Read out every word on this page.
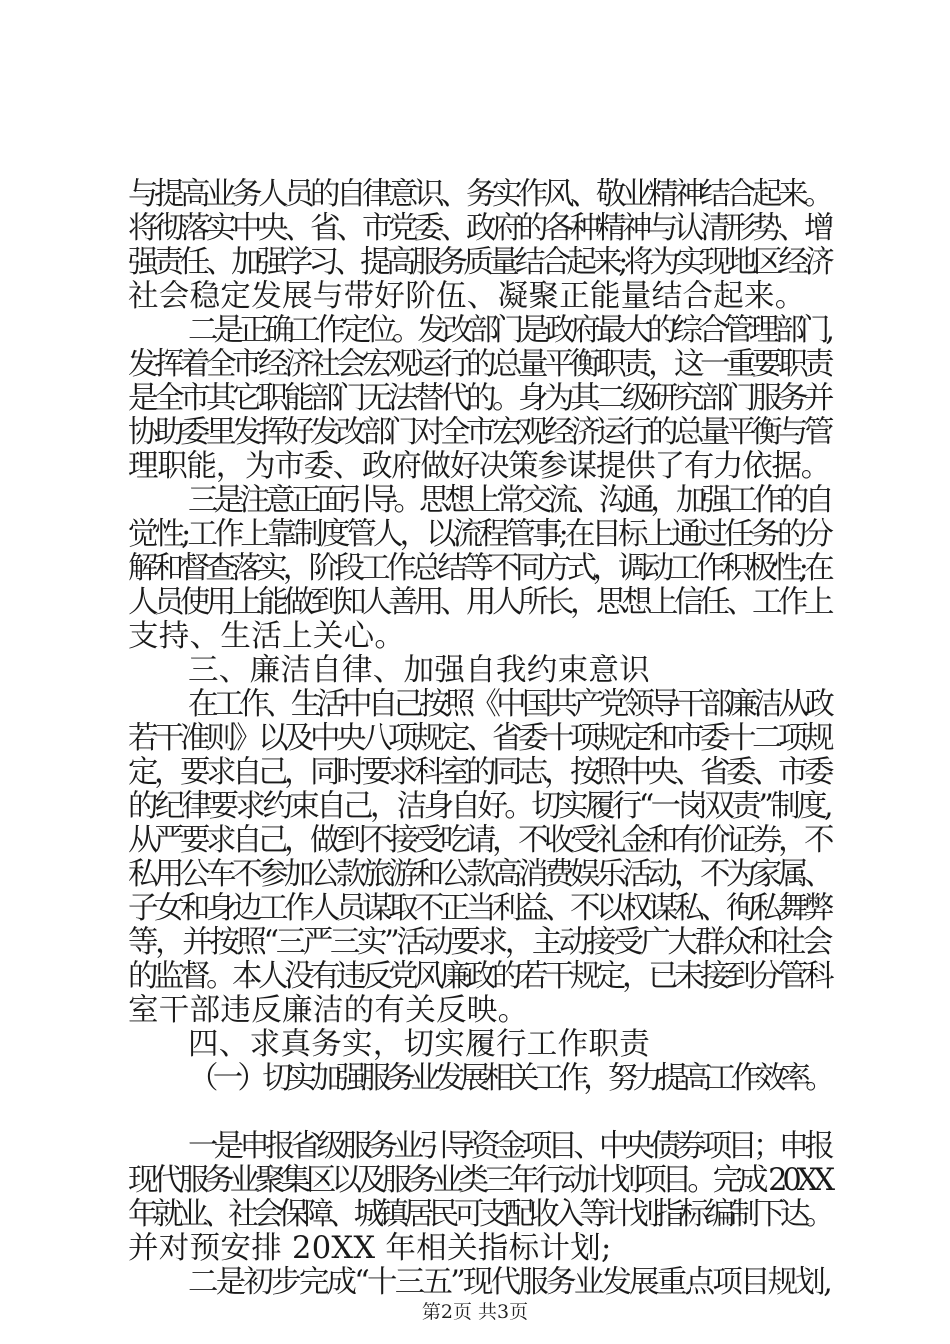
与提高业务人员的自律意识、务实作风、敬业精神结合起来。
将彻落实中央、省、市党委、政府的各种精神与认清形势、增
强责任、加强学习、提高服务质量结合起来;将为实现地区经济
社会稳定发展与带好阶伍、凝聚正能量结合起来。
二是正确工作定位。发改部门是政府最大的综合管理部门,
发挥着全市经济社会宏观运行的总量平衡职责，这一重要职责
是全市其它职能部门无法替代的。身为其二级研究部门服务并
协助委里发挥好发改部门对全市宏观经济运行的总量平衡与管
理职能，为市委、政府做好决策参谋提供了有力依据。
三是注意正面引导。思想上常交流、沟通，加强工作的自
觉性;工作上靠制度管人，以流程管事;在目标上通过任务的分
解和督查落实，阶段工作总结等不同方式，调动工作积极性;在
人员使用上能做到知人善用、用人所长，思想上信任、工作上
支持、生活上关心。
三、廉洁自律、加强自我约束意识
在工作、生活中自己按照《中国共产党领导干部廉洁从政
若干准则》以及中央八项规定、省委十项规定和市委十二项规
定，要求自己，同时要求科室的同志，按照中央、省委、市委
的纪律要求约束自己，洁身自好。切实履行“一岗双责”制度,
从严要求自己，做到不接受吃请，不收受礼金和有价证券，不
私用公车不参加公款旅游和公款高消费娱乐活动，不为家属、
子女和身边工作人员谋取不正当利益、不以权谋私、徇私舞弊
等，并按照“三严三实”活动要求，主动接受广大群众和社会
的监督。本人没有违反党风廉政的若干规定，已未接到分管科
室干部违反廉洁的有关反映。
四、求真务实，切实履行工作职责
（一）切实加强服务业发展相关工作，努力提高工作效率。
一是申报省级服务业引导资金项目、中央债券项目；申报
现代服务业聚集区以及服务业类三年行动计划项目。完成 20XX
年就业、社会保障、城镇居民可支配收入等计划指标编制下达。
并对预安排 20XX 年相关指标计划;
二是初步完成“十三五”现代服务业发展重点项目规划,
第2页 共3页
